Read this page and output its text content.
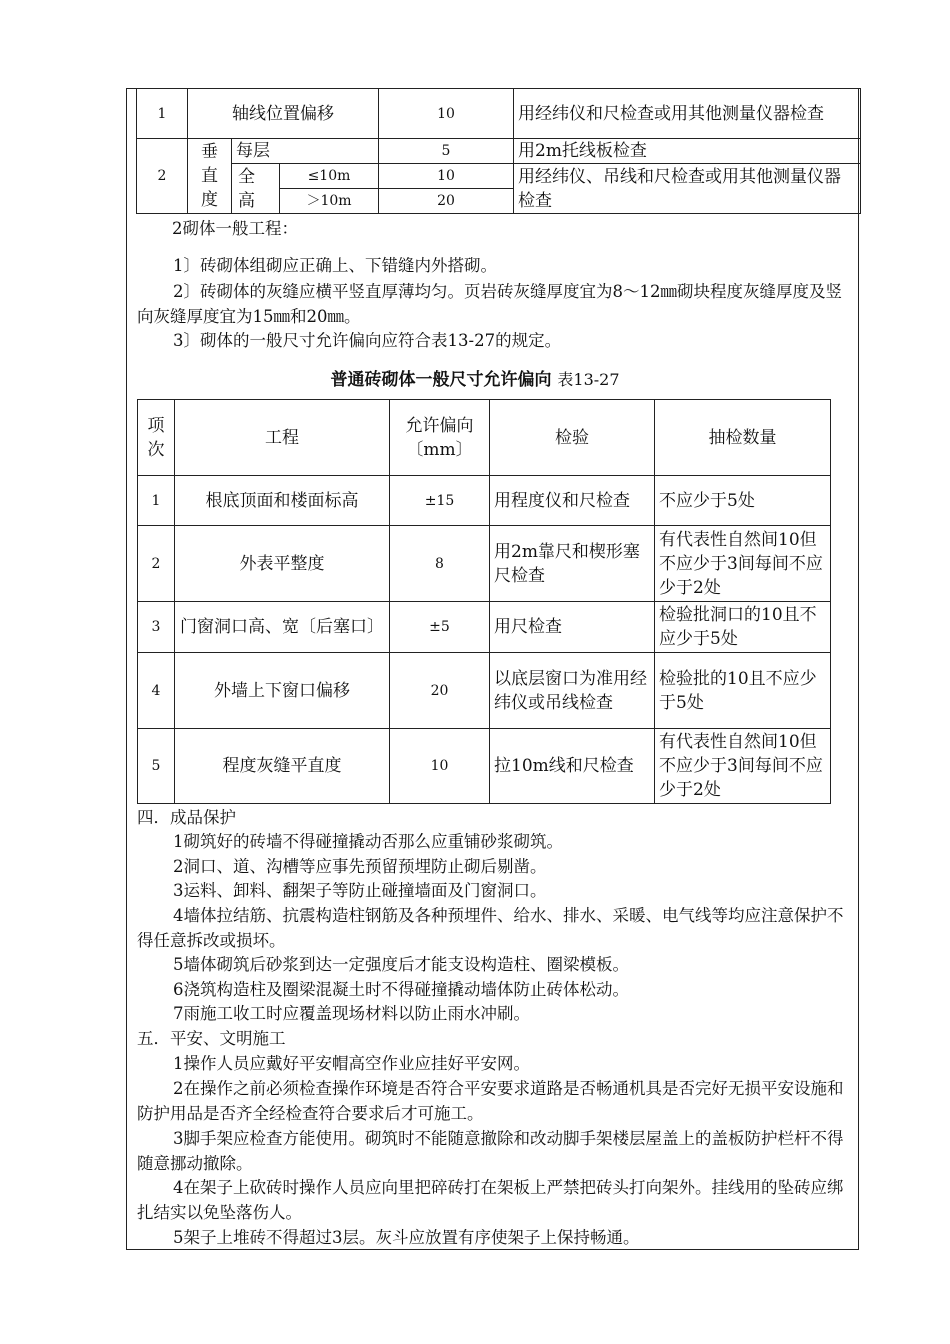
1	轴线位置偏移			10	用经纬仪和尺检查或用其他测量仪器检查
2	垂直度	每层		5	用2m托线板检查
		全高	≤10m	10	用经纬仪、吊线和尺检查或用其他测量仪器检查
			＞10m	20	

2砌体一般工程：

1〕砖砌体组砌应正确上、下错缝内外搭砌。

2〕砖砌体的灰缝应横平竖直厚薄均匀。页岩砖灰缝厚度宜为8～12㎜砌块程度灰缝厚度及竖向灰缝厚度宜为15㎜和20㎜。

3〕砌体的一般尺寸允许偏向应符合表13-27的规定。

普通砖砌体一般尺寸允许偏向 表13-27
项次	工程	允许偏向〔mm〕	检验	抽检数量
1	根底顶面和楼面标高	±15	用程度仪和尺检查	不应少于5处
2	外表平整度	8	用2m靠尺和楔形塞尺检查	有代表性自然间10但不应少于3间每间不应少于2处
3	门窗洞口高、宽〔后塞口〕	±5	用尺检查	检验批洞口的10且不应少于5处
4	外墙上下窗口偏移	20	以底层窗口为准用经纬仪或吊线检查	检验批的10且不应少于5处
5	程度灰缝平直度	10	拉10m线和尺检查	有代表性自然间10但不应少于3间每间不应少于2处

四．成品保护

1砌筑好的砖墙不得碰撞撬动否那么应重铺砂浆砌筑。

2洞口、道、沟槽等应事先预留预埋防止砌后剔凿。

3运料、卸料、翻架子等防止碰撞墙面及门窗洞口。

4墙体拉结筋、抗震构造柱钢筋及各种预埋件、给水、排水、采暖、电气线等均应注意保护不得任意拆改或损坏。

5墙体砌筑后砂浆到达一定强度后才能支设构造柱、圈梁模板。

6浇筑构造柱及圈梁混凝土时不得碰撞撬动墙体防止砖体松动。

7雨施工收工时应覆盖现场材料以防止雨水冲刷。

五．平安、文明施工

1操作人员应戴好平安帽高空作业应挂好平安网。

2在操作之前必须检查操作环境是否符合平安要求道路是否畅通机具是否完好无损平安设施和防护用品是否齐全经检查符合要求后才可施工。

3脚手架应检查方能使用。砌筑时不能随意撤除和改动脚手架楼层屋盖上的盖板防护栏杆不得随意挪动撤除。

4在架子上砍砖时操作人员应向里把碎砖打在架板上严禁把砖头打向架外。挂线用的坠砖应绑扎结实以免坠落伤人。

5架子上堆砖不得超过3层。灰斗应放置有序使架子上保持畅通。
